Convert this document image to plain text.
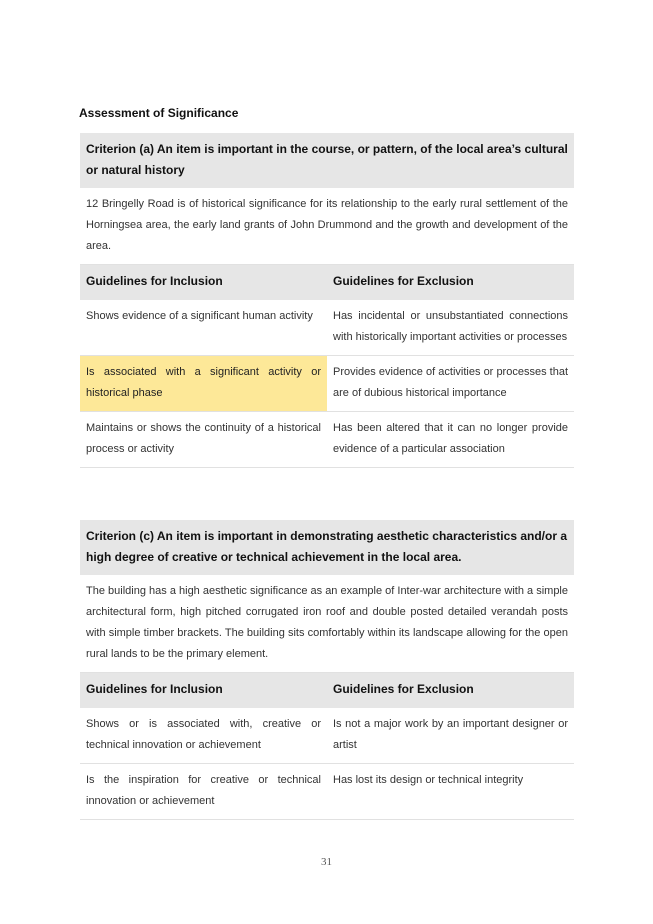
Assessment of Significance
Criterion (a) An item is important in the course, or pattern, of the local area’s cultural or natural history	
12 Bringelly Road is of historical significance for its relationship to the early rural settlement of the Horningsea area, the early land grants of John Drummond and the growth and development of the area.	
Guidelines for Inclusion	Guidelines for Exclusion
Shows evidence of a significant human activity	Has incidental or unsubstantiated connections with historically important activities or processes
Is associated with a significant activity or historical phase	Provides evidence of activities or processes that are of dubious historical importance
Maintains or shows the continuity of a historical process or activity	Has been altered that it can no longer provide evidence of a particular association
Criterion (c) An item is important in demonstrating aesthetic characteristics and/or a high degree of creative or technical achievement in the local area.	
The building has a high aesthetic significance as an example of Inter-war architecture with a simple architectural form, high pitched corrugated iron roof and double posted detailed verandah posts with simple timber brackets. The building sits comfortably within its landscape allowing for the open rural lands to be the primary element.	
Guidelines for Inclusion	Guidelines for Exclusion
Shows or is associated with, creative or technical innovation or achievement	Is not a major work by an important designer or artist
Is the inspiration for creative or technical innovation or achievement	Has lost its design or technical integrity
31
